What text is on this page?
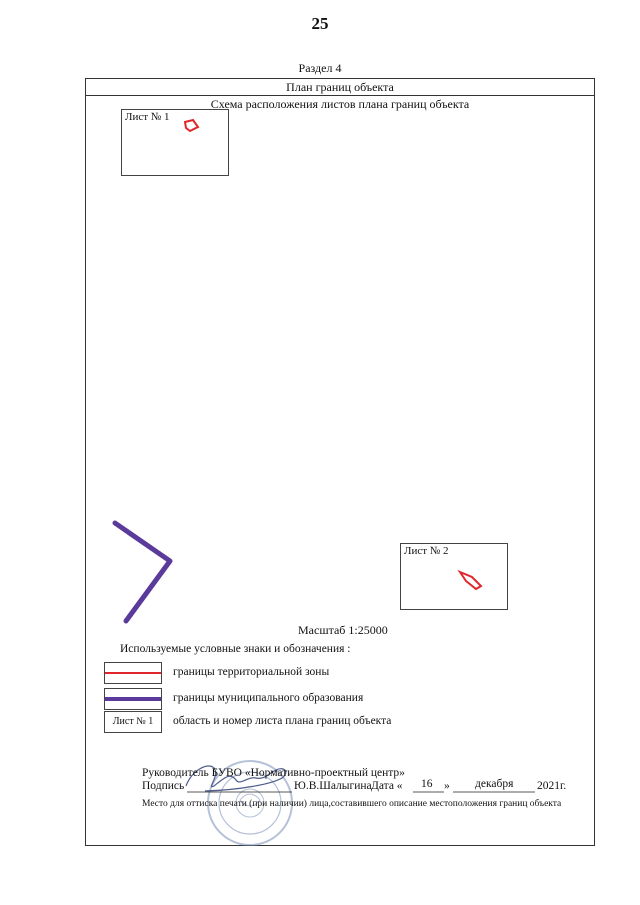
25
Раздел 4
План границ объекта
Схема расположения листов плана границ объекта
Лист № 1
Лист № 2
Масштаб 1:25000
Используемые условные знаки и обозначения :
границы территориальной зоны
границы муниципального образования
Лист № 1	область и номер листа плана границ объекта
Руководитель БУВО «Нормативно-проектный центр»
Подпись	Ю.В.Шалыгина Дата « 16 » декабря 2021г.
Место для оттиска печати (при наличии) лица,составившего описание местоположения границ объекта
